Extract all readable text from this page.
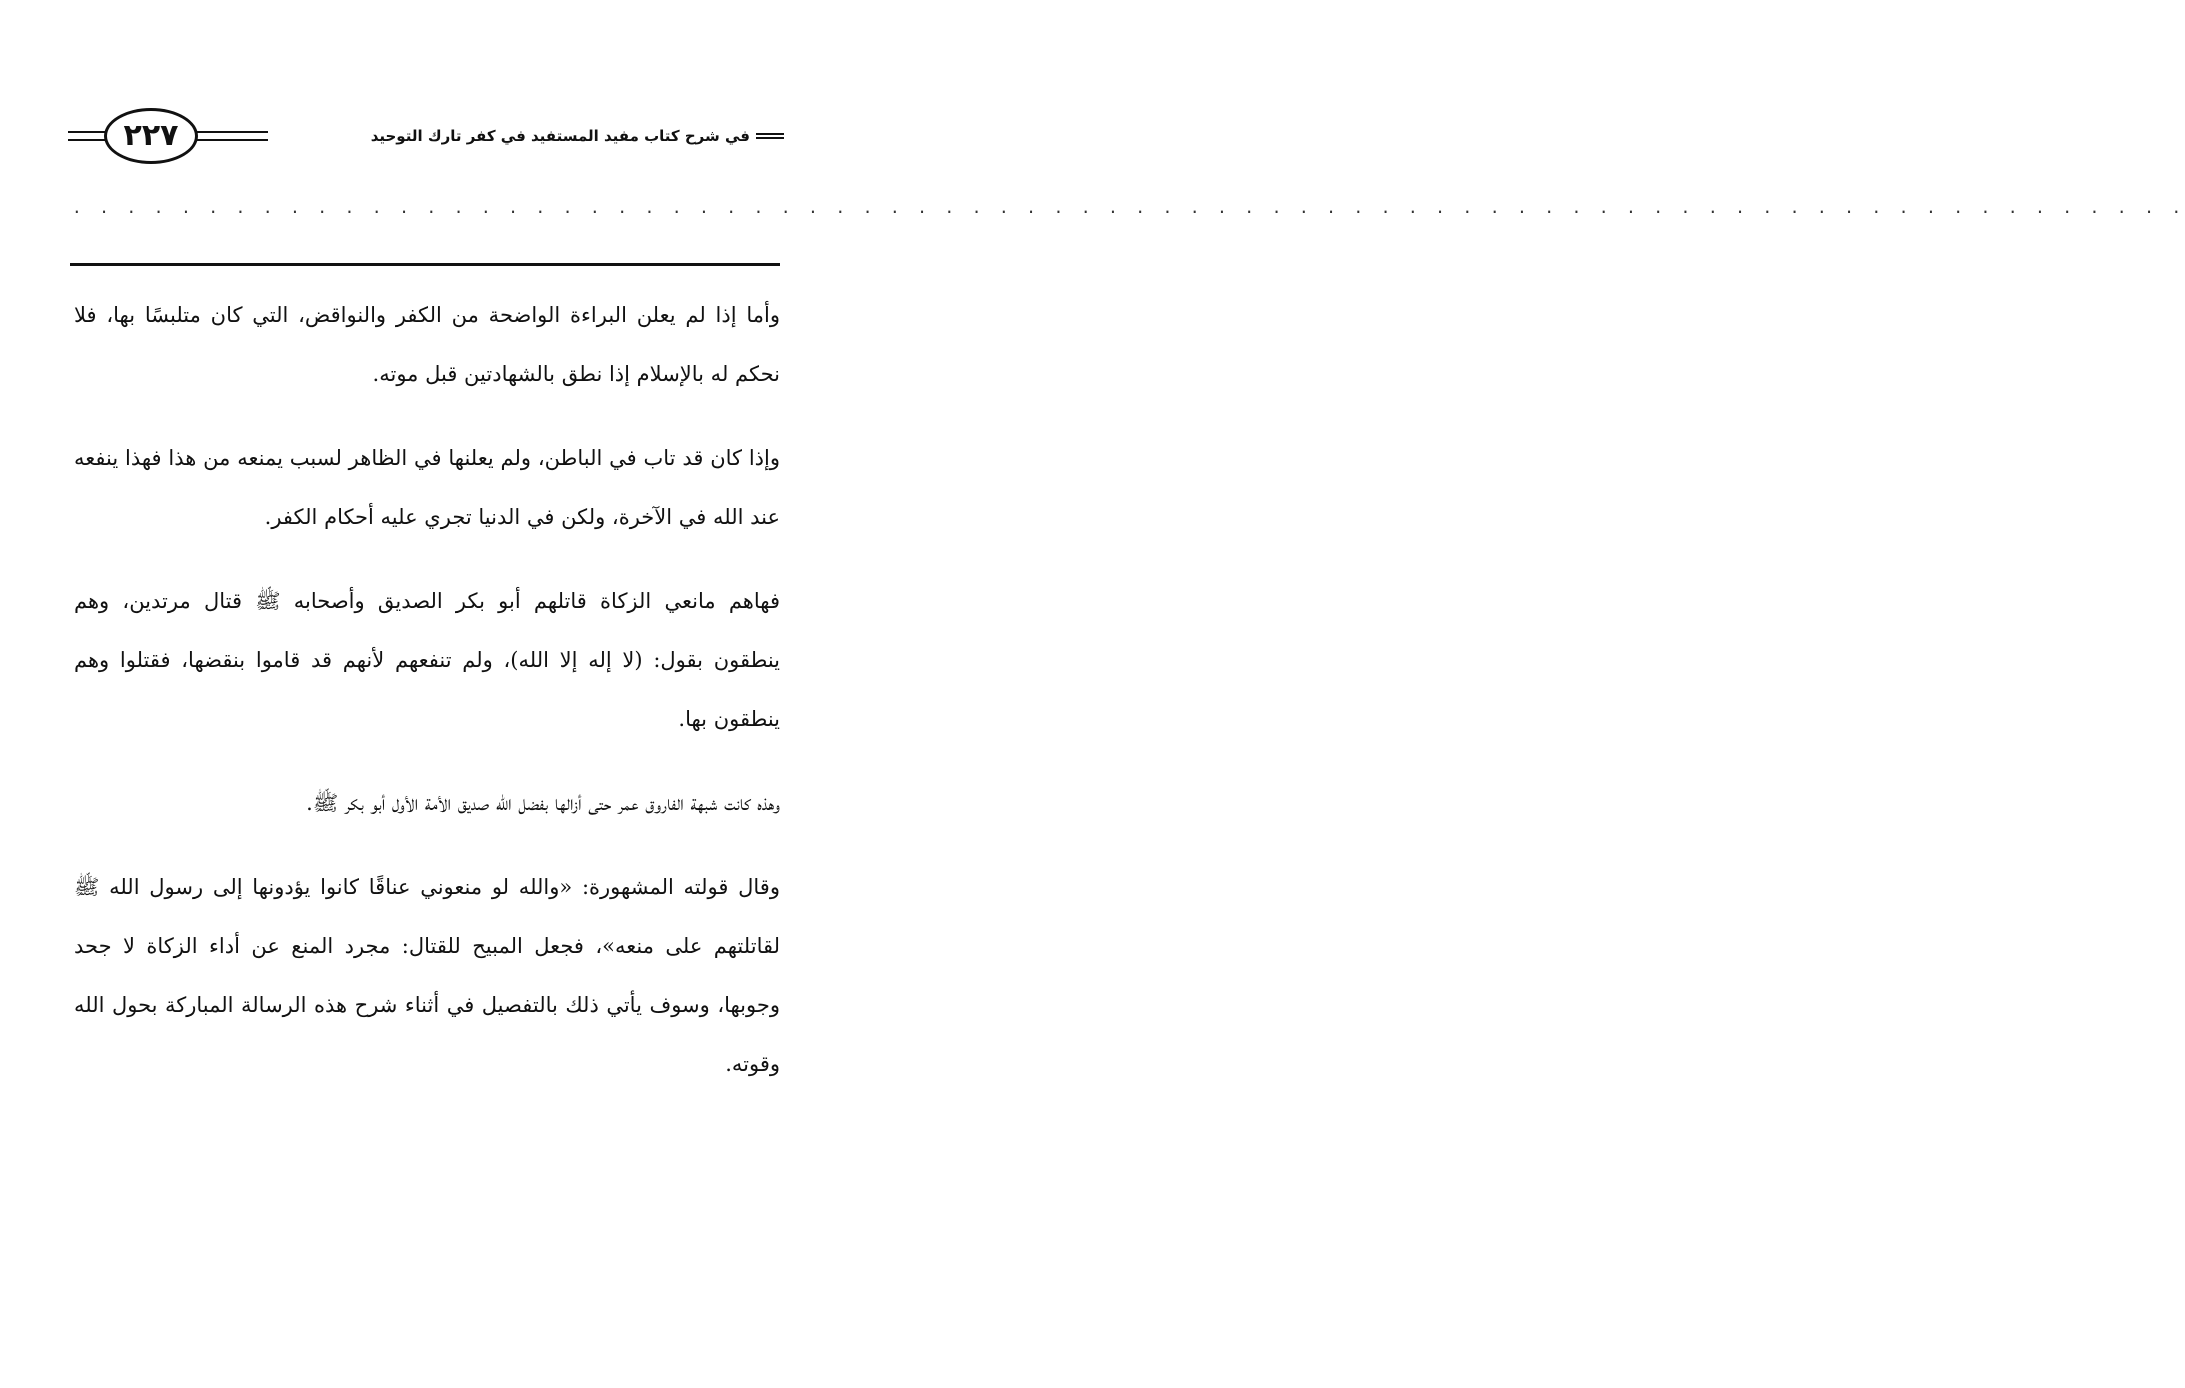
٢٢٧	في شرح كتاب مفيد المستفيد في كفر تارك التوحيد
. . . . . . . . . . . . . . . . . . . . . . . . . . . . . . . . . . . . . . . . . . . . . . . . . . . . . . . . . . . . . . . . . . . . . . . . . . . . . .

وأما إذا لم يعلن البراءة الواضحة من الكفر والنواقض، التي كان متلبسًا بها، فلا نحكم له بالإسلام إذا نطق بالشهادتين قبل موته.

وإذا كان قد تاب في الباطن، ولم يعلنها في الظاهر لسبب يمنعه من هذا فهذا ينفعه عند الله في الآخرة، ولكن في الدنيا تجري عليه أحكام الكفر.

فهاهم مانعي الزكاة قاتلهم أبو بكر الصديق وأصحابه ﷺ قتال مرتدين، وهم ينطقون بقول: (لا إله إلا الله)، ولم تنفعهم لأنهم قد قاموا بنقضها، فقتلوا وهم ينطقون بها.

وهذه كانت شبهة الفاروق عمر حتى أزالها بفضل الله صديق الأمة الأول أبو بكر ﷺ.

وقال قولته المشهورة: «والله لو منعوني عناقًا كانوا يؤدونها إلى رسول الله ﷺ لقاتلتهم على منعه»، فجعل المبيح للقتال: مجرد المنع عن أداء الزكاة لا جحد وجوبها، وسوف يأتي ذلك بالتفصيل في أثناء شرح هذه الرسالة المباركة بحول الله وقوته.
